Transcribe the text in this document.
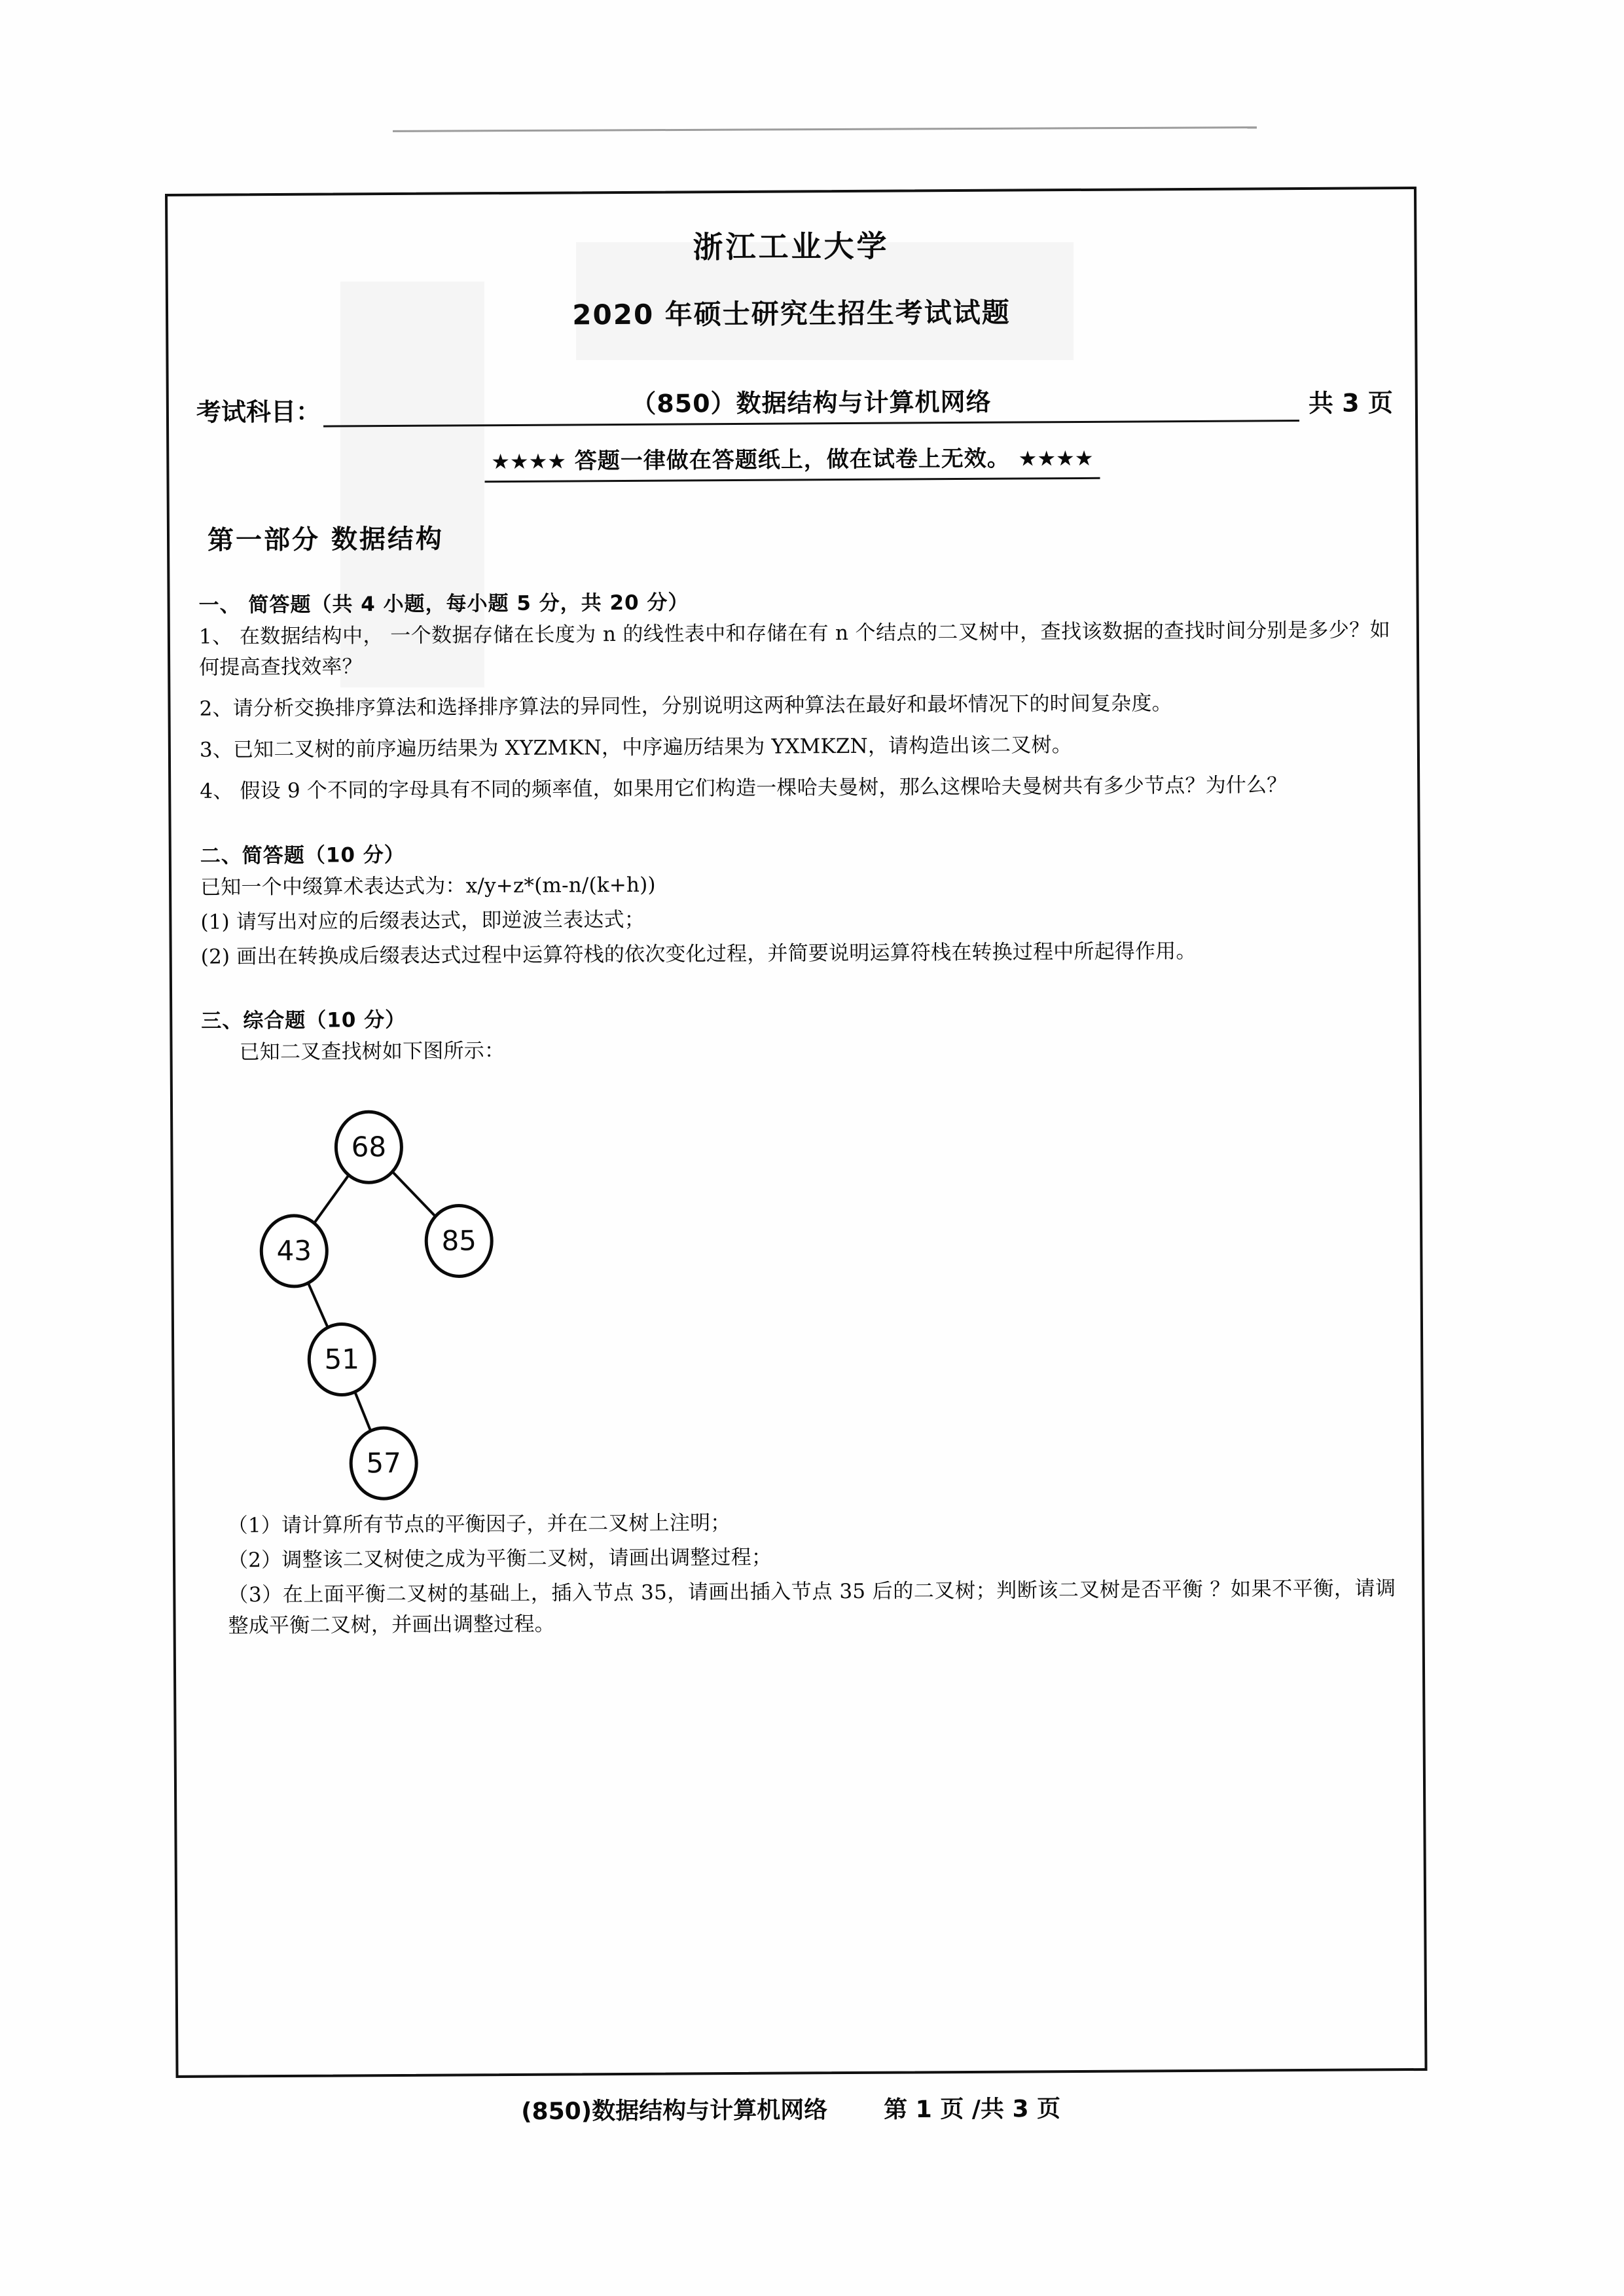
浙江工业大学
2020 年硕士研究生招生考试试题
考试科目：	（850）数据结构与计算机网络	共 3 页
★★★★ 答题一律做在答题纸上，做在试卷上无效。 ★★★★
第一部分 数据结构
一、 简答题（共 4 小题，每小题 5 分，共 20 分）

1、 在数据结构中， 一个数据存储在长度为 n 的线性表中和存储在有 n 个结点的二叉树中，查找该数据的查找时间分别是多少？如何提高查找效率？

2、请分析交换排序算法和选择排序算法的异同性，分别说明这两种算法在最好和最坏情况下的时间复杂度。

3、已知二叉树的前序遍历结果为 XYZMKN，中序遍历结果为 YXMKZN，请构造出该二叉树。

4、 假设 9 个不同的字母具有不同的频率值，如果用它们构造一棵哈夫曼树，那么这棵哈夫曼树共有多少节点？为什么？

二、简答题（10 分）

已知一个中缀算术表达式为：x/y+z*(m-n/(k+h))

(1) 请写出对应的后缀表达式，即逆波兰表达式；

(2) 画出在转换成后缀表达式过程中运算符栈的依次变化过程，并简要说明运算符栈在转换过程中所起得作用。

三、综合题（10 分）

已知二叉查找树如下图所示：

68
43	85
51
57

（1）请计算所有节点的平衡因子，并在二叉树上注明；

（2）调整该二叉树使之成为平衡二叉树，请画出调整过程；

（3）在上面平衡二叉树的基础上，插入节点 35，请画出插入节点 35 后的二叉树；判断该二叉树是否平衡 ？如果不平衡，请调整成平衡二叉树，并画出调整过程。

(850)数据结构与计算机网络 第 1 页 /共 3 页
